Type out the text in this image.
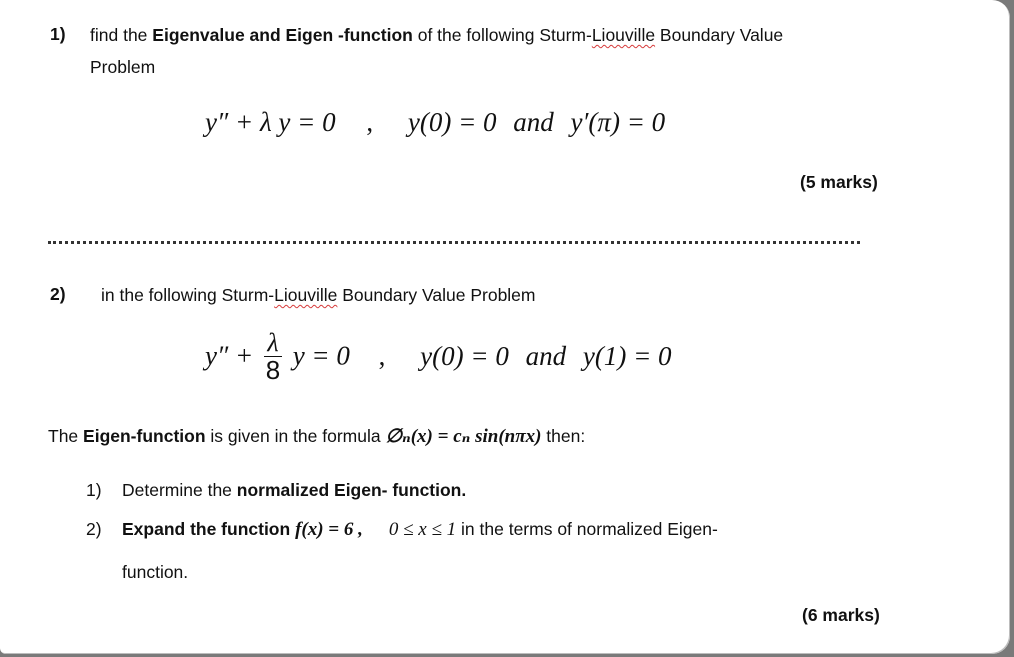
1) find the Eigenvalue and Eigen -function of the following Sturm-Liouville Boundary Value
Problem
y″ + λ y = 0 , y(0) = 0 and y′(π) = 0
(5 marks)
2) in the following Sturm-Liouville Boundary Value Problem
$y'' + \frac{\lambda}{8}$ y = 0 , y(0) = 0 and y(1) = 0
The Eigen-function is given in the formula ∅ₙ(x) = cₙ sin(nπx) then:
1) Determine the normalized Eigen- function.
2) Expand the function f(x) = 6 , 0 ≤ x ≤ 1 in the terms of normalized Eigen-
function.
(6 marks)
